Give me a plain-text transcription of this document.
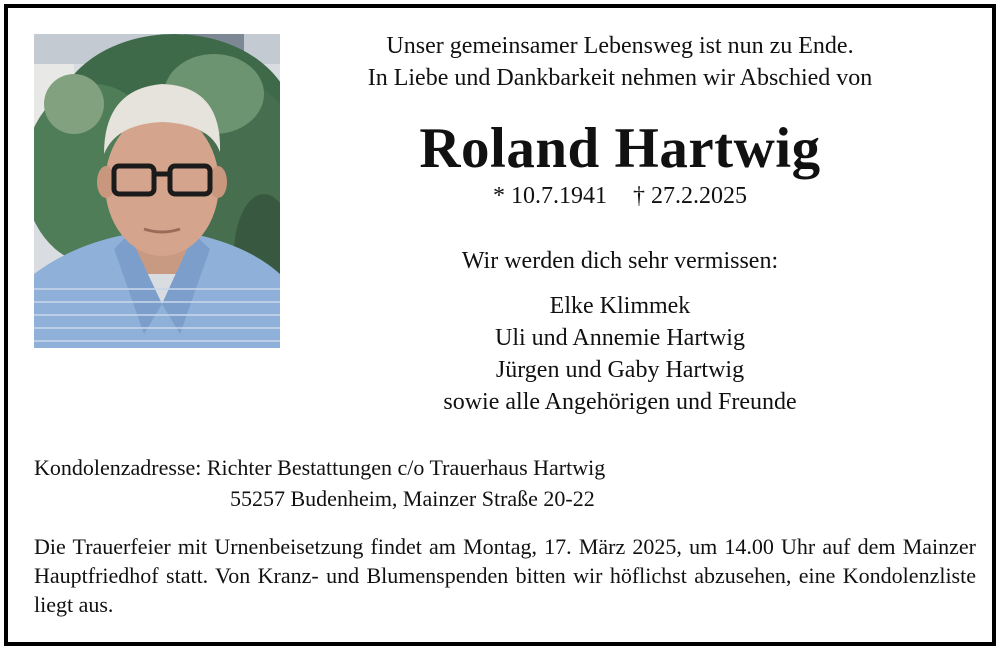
Unser gemeinsamer Lebensweg ist nun zu Ende.
In Liebe und Dankbarkeit nehmen wir Abschied von
Roland Hartwig
* 10.7.1941 † 27.2.2025
Wir werden dich sehr vermissen:
Elke Klimmek
Uli und Annemie Hartwig
Jürgen und Gaby Hartwig
sowie alle Angehörigen und Freunde
Kondolenzadresse: Richter Bestattungen c/o Trauerhaus Hartwig
55257 Budenheim, Mainzer Straße 20-22
Die Trauerfeier mit Urnenbeisetzung findet am Montag, 17. März 2025, um 14.00 Uhr auf dem Mainzer Hauptfriedhof statt. Von Kranz- und Blumenspenden bitten wir höflichst abzusehen, eine Kondolenzliste liegt aus.
